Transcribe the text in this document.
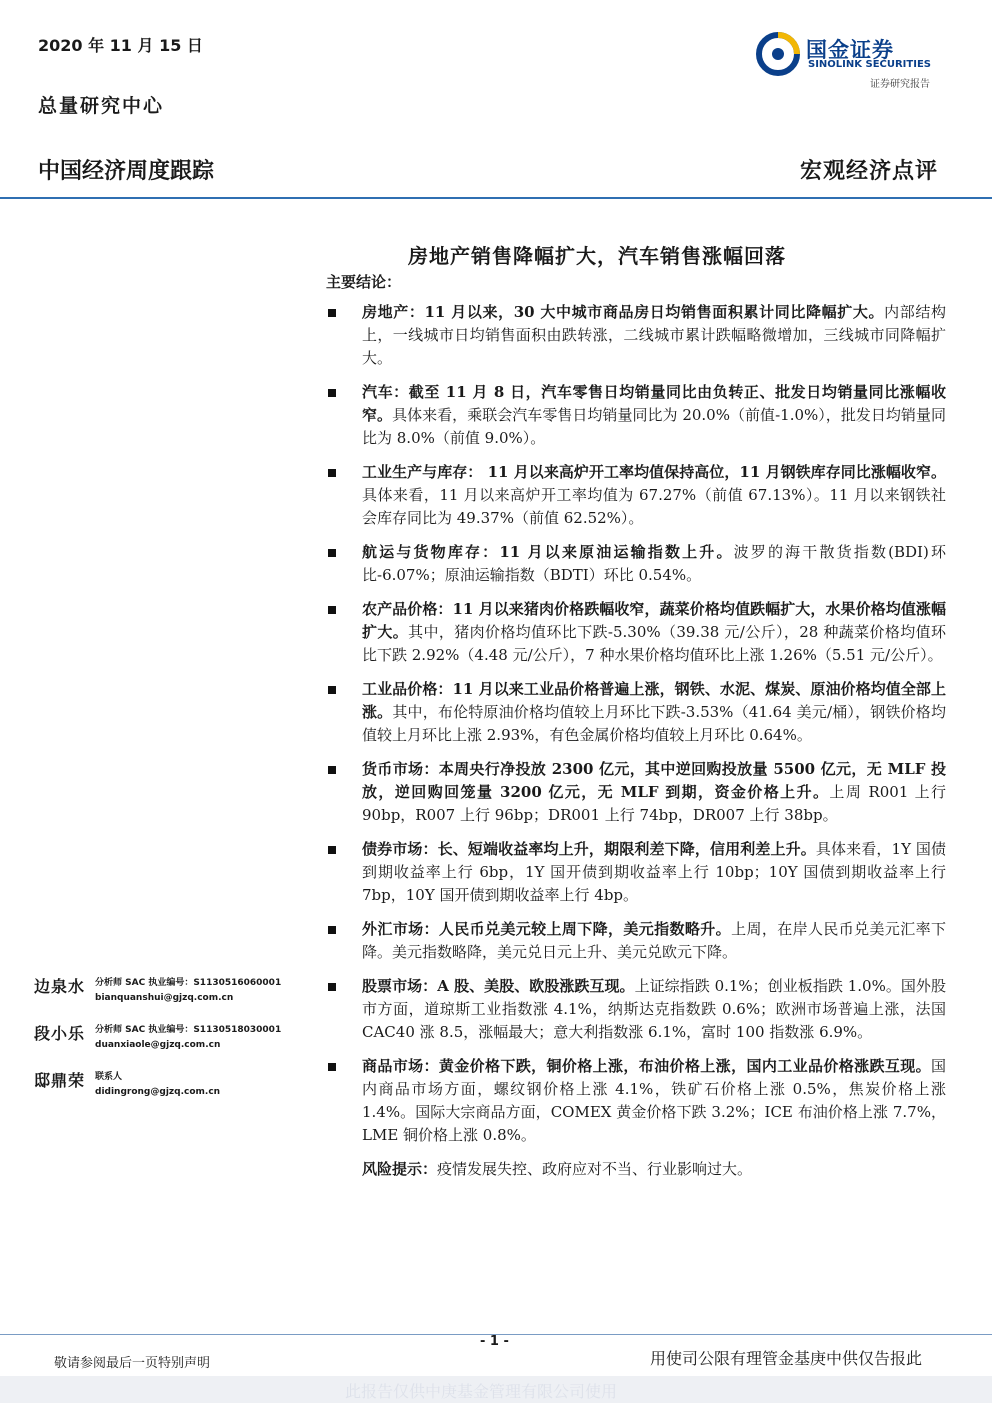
2020 年 11 月 15 日
总量研究中心
国金证券
SINOLINK SECURITIES
证券研究报告
中国经济周度跟踪	宏观经济点评
房地产销售降幅扩大，汽车销售涨幅回落
主要结论：
房地产：11 月以来，30 大中城市商品房日均销售面积累计同比降幅扩大。内部结构上，一线城市日均销售面积由跌转涨，二线城市累计跌幅略微增加，三线城市同降幅扩大。
汽车：截至 11 月 8 日，汽车零售日均销量同比由负转正、批发日均销量同比涨幅收窄。具体来看，乘联会汽车零售日均销量同比为 20.0%（前值-1.0%），批发日均销量同比为 8.0%（前值 9.0%）。
工业生产与库存： 11 月以来高炉开工率均值保持高位，11 月钢铁库存同比涨幅收窄。具体来看，11 月以来高炉开工率均值为 67.27%（前值 67.13%）。11 月以来钢铁社会库存同比为 49.37%（前值 62.52%）。
航运与货物库存：11 月以来原油运输指数上升。波罗的海干散货指数(BDI)环比-6.07%；原油运输指数（BDTI）环比 0.54%。
农产品价格：11 月以来猪肉价格跌幅收窄，蔬菜价格均值跌幅扩大，水果价格均值涨幅扩大。其中，猪肉价格均值环比下跌-5.30%（39.38 元/公斤），28 种蔬菜价格均值环比下跌 2.92%（4.48 元/公斤），7 种水果价格均值环比上涨 1.26%（5.51 元/公斤）。
工业品价格：11 月以来工业品价格普遍上涨，钢铁、水泥、煤炭、原油价格均值全部上涨。其中，布伦特原油价格均值较上月环比下跌-3.53%（41.64 美元/桶），钢铁价格均值较上月环比上涨 2.93%，有色金属价格均值较上月环比 0.64%。
货币市场：本周央行净投放 2300 亿元，其中逆回购投放量 5500 亿元，无 MLF 投放，逆回购回笼量 3200 亿元，无 MLF 到期，资金价格上升。上周 R001 上行 90bp，R007 上行 96bp；DR001 上行 74bp，DR007 上行 38bp。
债券市场：长、短端收益率均上升，期限利差下降，信用利差上升。具体来看，1Y 国债到期收益率上行 6bp，1Y 国开债到期收益率上行 10bp；10Y 国债到期收益率上行 7bp，10Y 国开债到期收益率上行 4bp。
外汇市场：人民币兑美元较上周下降，美元指数略升。上周，在岸人民币兑美元汇率下降。美元指数略降，美元兑日元上升、美元兑欧元下降。
股票市场：A 股、美股、欧股涨跌互现。上证综指跌 0.1%；创业板指跌 1.0%。国外股市方面，道琼斯工业指数涨 4.1%，纳斯达克指数跌 0.6%；欧洲市场普遍上涨，法国 CAC40 涨 8.5，涨幅最大；意大利指数涨 6.1%，富时 100 指数涨 6.9%。
商品市场：黄金价格下跌，铜价格上涨，布油价格上涨，国内工业品价格涨跌互现。国内商品市场方面，螺纹钢价格上涨 4.1%，铁矿石价格上涨 0.5%，焦炭价格上涨 1.4%。国际大宗商品方面，COMEX 黄金价格下跌 3.2%；ICE 布油价格上涨 7.7%，LME 铜价格上涨 0.8%。
风险提示：疫情发展失控、政府应对不当、行业影响过大。
边泉水 分析师 SAC 执业编号：S1130516060001
bianquanshui@gjzq.com.cn
段小乐 分析师 SAC 执业编号：S1130518030001
duanxiaole@gjzq.com.cn
邸鼎荣 联系人
didingrong@gjzq.com.cn
- 1 -
敬请参阅最后一页特别声明	用使司公限有理管金基庚中供仅告报此
此报告仅供中庚基金管理有限公司使用
